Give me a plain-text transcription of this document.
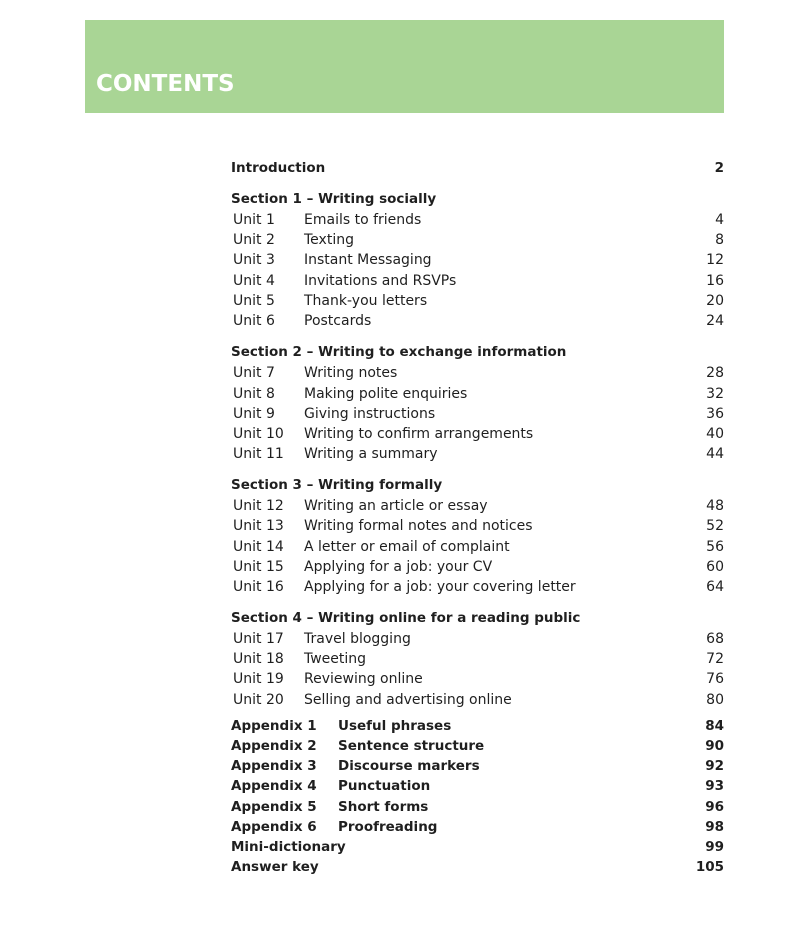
CONTENTS
Introduction	2
Section 1 – Writing socially
Unit 1 Emails to friends	4
Unit 2 Texting	8
Unit 3 Instant Messaging	12
Unit 4 Invitations and RSVPs	16
Unit 5 Thank-you letters	20
Unit 6 Postcards	24
Section 2 – Writing to exchange information
Unit 7 Writing notes	28
Unit 8 Making polite enquiries	32
Unit 9 Giving instructions	36
Unit 10 Writing to confirm arrangements	40
Unit 11 Writing a summary	44
Section 3 – Writing formally
Unit 12 Writing an article or essay	48
Unit 13 Writing formal notes and notices	52
Unit 14 A letter or email of complaint	56
Unit 15 Applying for a job: your CV	60
Unit 16 Applying for a job: your covering letter	64
Section 4 – Writing online for a reading public
Unit 17 Travel blogging	68
Unit 18 Tweeting	72
Unit 19 Reviewing online	76
Unit 20 Selling and advertising online	80
Appendix 1 Useful phrases	84
Appendix 2 Sentence structure	90
Appendix 3 Discourse markers	92
Appendix 4 Punctuation	93
Appendix 5 Short forms	96
Appendix 6 Proofreading	98
Mini-dictionary	99
Answer key	105
